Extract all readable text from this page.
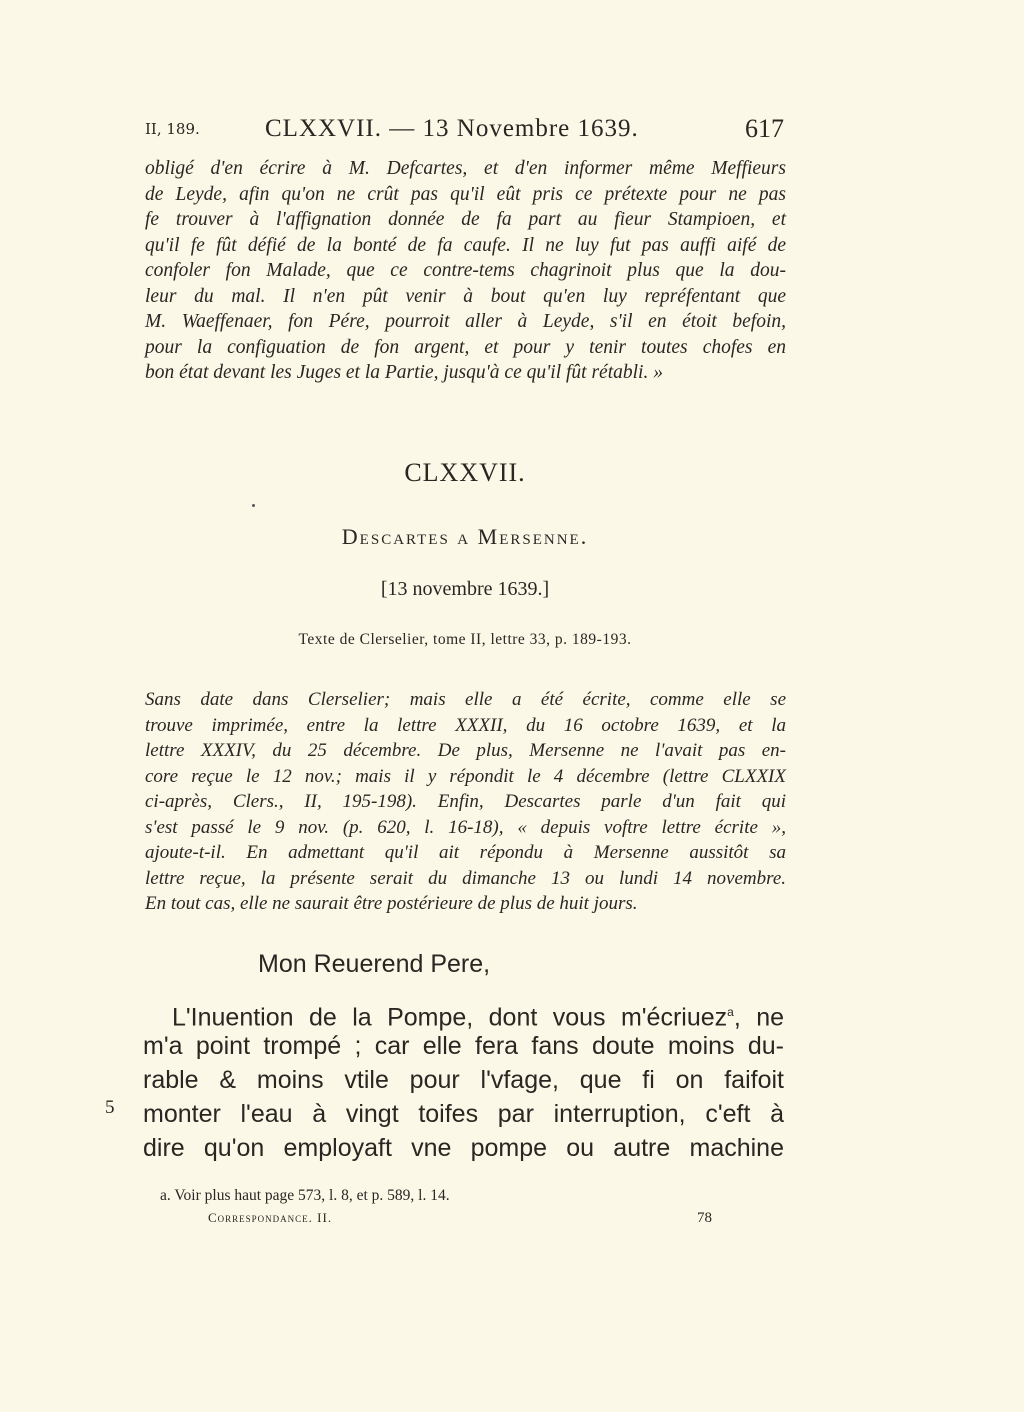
II, 189.	CLXXVII. — 13 Novembre 1639.	617
obligé d'en écrire à M. Defcartes, et d'en informer même Meffieurs
de Leyde, afin qu'on ne crût pas qu'il eût pris ce prétexte pour ne pas
fe trouver à l'affignation donnée de fa part au fieur Stampioen, et
qu'il fe fût défié de la bonté de fa caufe. Il ne luy fut pas auffi aifé de
confoler fon Malade, que ce contre-tems chagrinoit plus que la dou-
leur du mal. Il n'en pût venir à bout qu'en luy repréfentant que
M. Waeffenaer, fon Pére, pourroit aller à Leyde, s'il en étoit befoin,
pour la configuation de fon argent, et pour y tenir toutes chofes en
bon état devant les Juges et la Partie, jusqu'à ce qu'il fût rétabli. »
CLXXVII.
Descartes a Mersenne.
[13 novembre 1639.]
Texte de Clerselier, tome II, lettre 33, p. 189-193.
Sans date dans Clerselier; mais elle a été écrite, comme elle se
trouve imprimée, entre la lettre XXXII, du 16 octobre 1639, et la
lettre XXXIV, du 25 décembre. De plus, Mersenne ne l'avait pas en-
core reçue le 12 nov.; mais il y répondit le 4 décembre (lettre CLXXIX
ci-après, Clers., II, 195-198). Enfin, Descartes parle d'un fait qui
s'est passé le 9 nov. (p. 620, l. 16-18), « depuis voftre lettre écrite »,
ajoute-t-il. En admettant qu'il ait répondu à Mersenne aussitôt sa
lettre reçue, la présente serait du dimanche 13 ou lundi 14 novembre.
En tout cas, elle ne saurait être postérieure de plus de huit jours.
Mon Reuerend Pere,
L'Inuention de la Pompe, dont vous m'écriuez$^a$, ne
m'a point trompé ; car elle fera fans doute moins du-
rable & moins vtile pour l'vfage, que fi on faifoit
monter l'eau à vingt toifes par interruption, c'eft à
dire qu'on employaft vne pompe ou autre machine
5
a. Voir plus haut page 573, l. 8, et p. 589, l. 14.
Correspondance. II.	78
